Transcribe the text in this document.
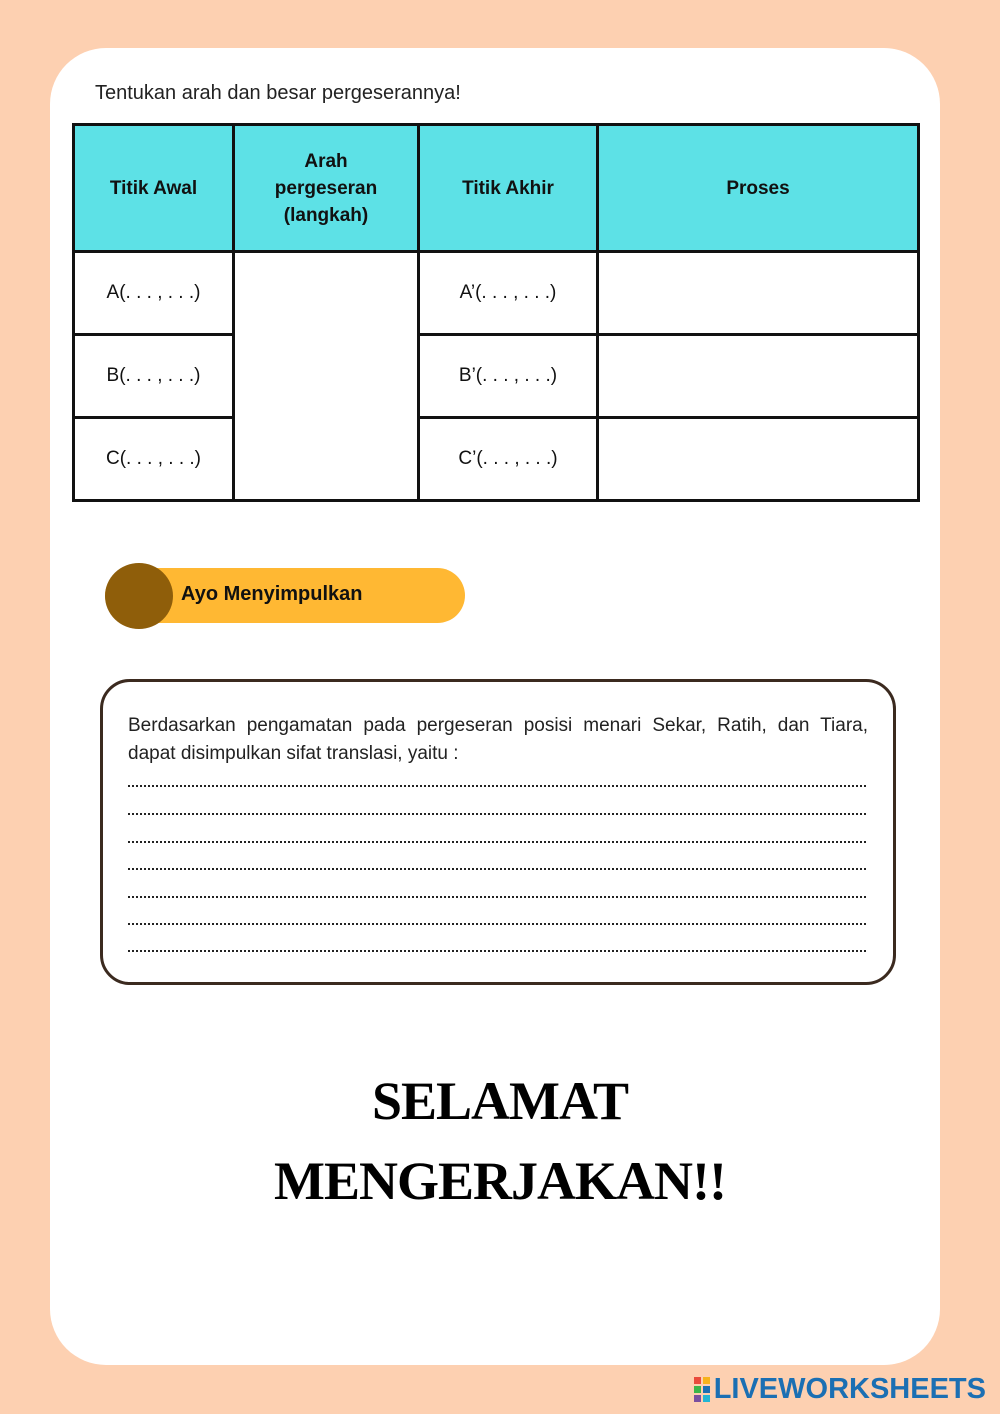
Tentukan arah dan besar pergeserannya!

Titik Awal	Arah pergeseran (langkah)	Titik Akhir	Proses
A(. . . , . . .)		A’(. . . , . . .)	
B(. . . , . . .)		B’(. . . , . . .)	
C(. . . , . . .)		C’(. . . , . . .)	
Ayo Menyimpulkan

Berdasarkan pengamatan pada pergeseran posisi menari Sekar, Ratih, dan Tiara, dapat disimpulkan sifat translasi, yaitu :

SELAMAT
MENGERJAKAN!!
LIVEWORKSHEETS
